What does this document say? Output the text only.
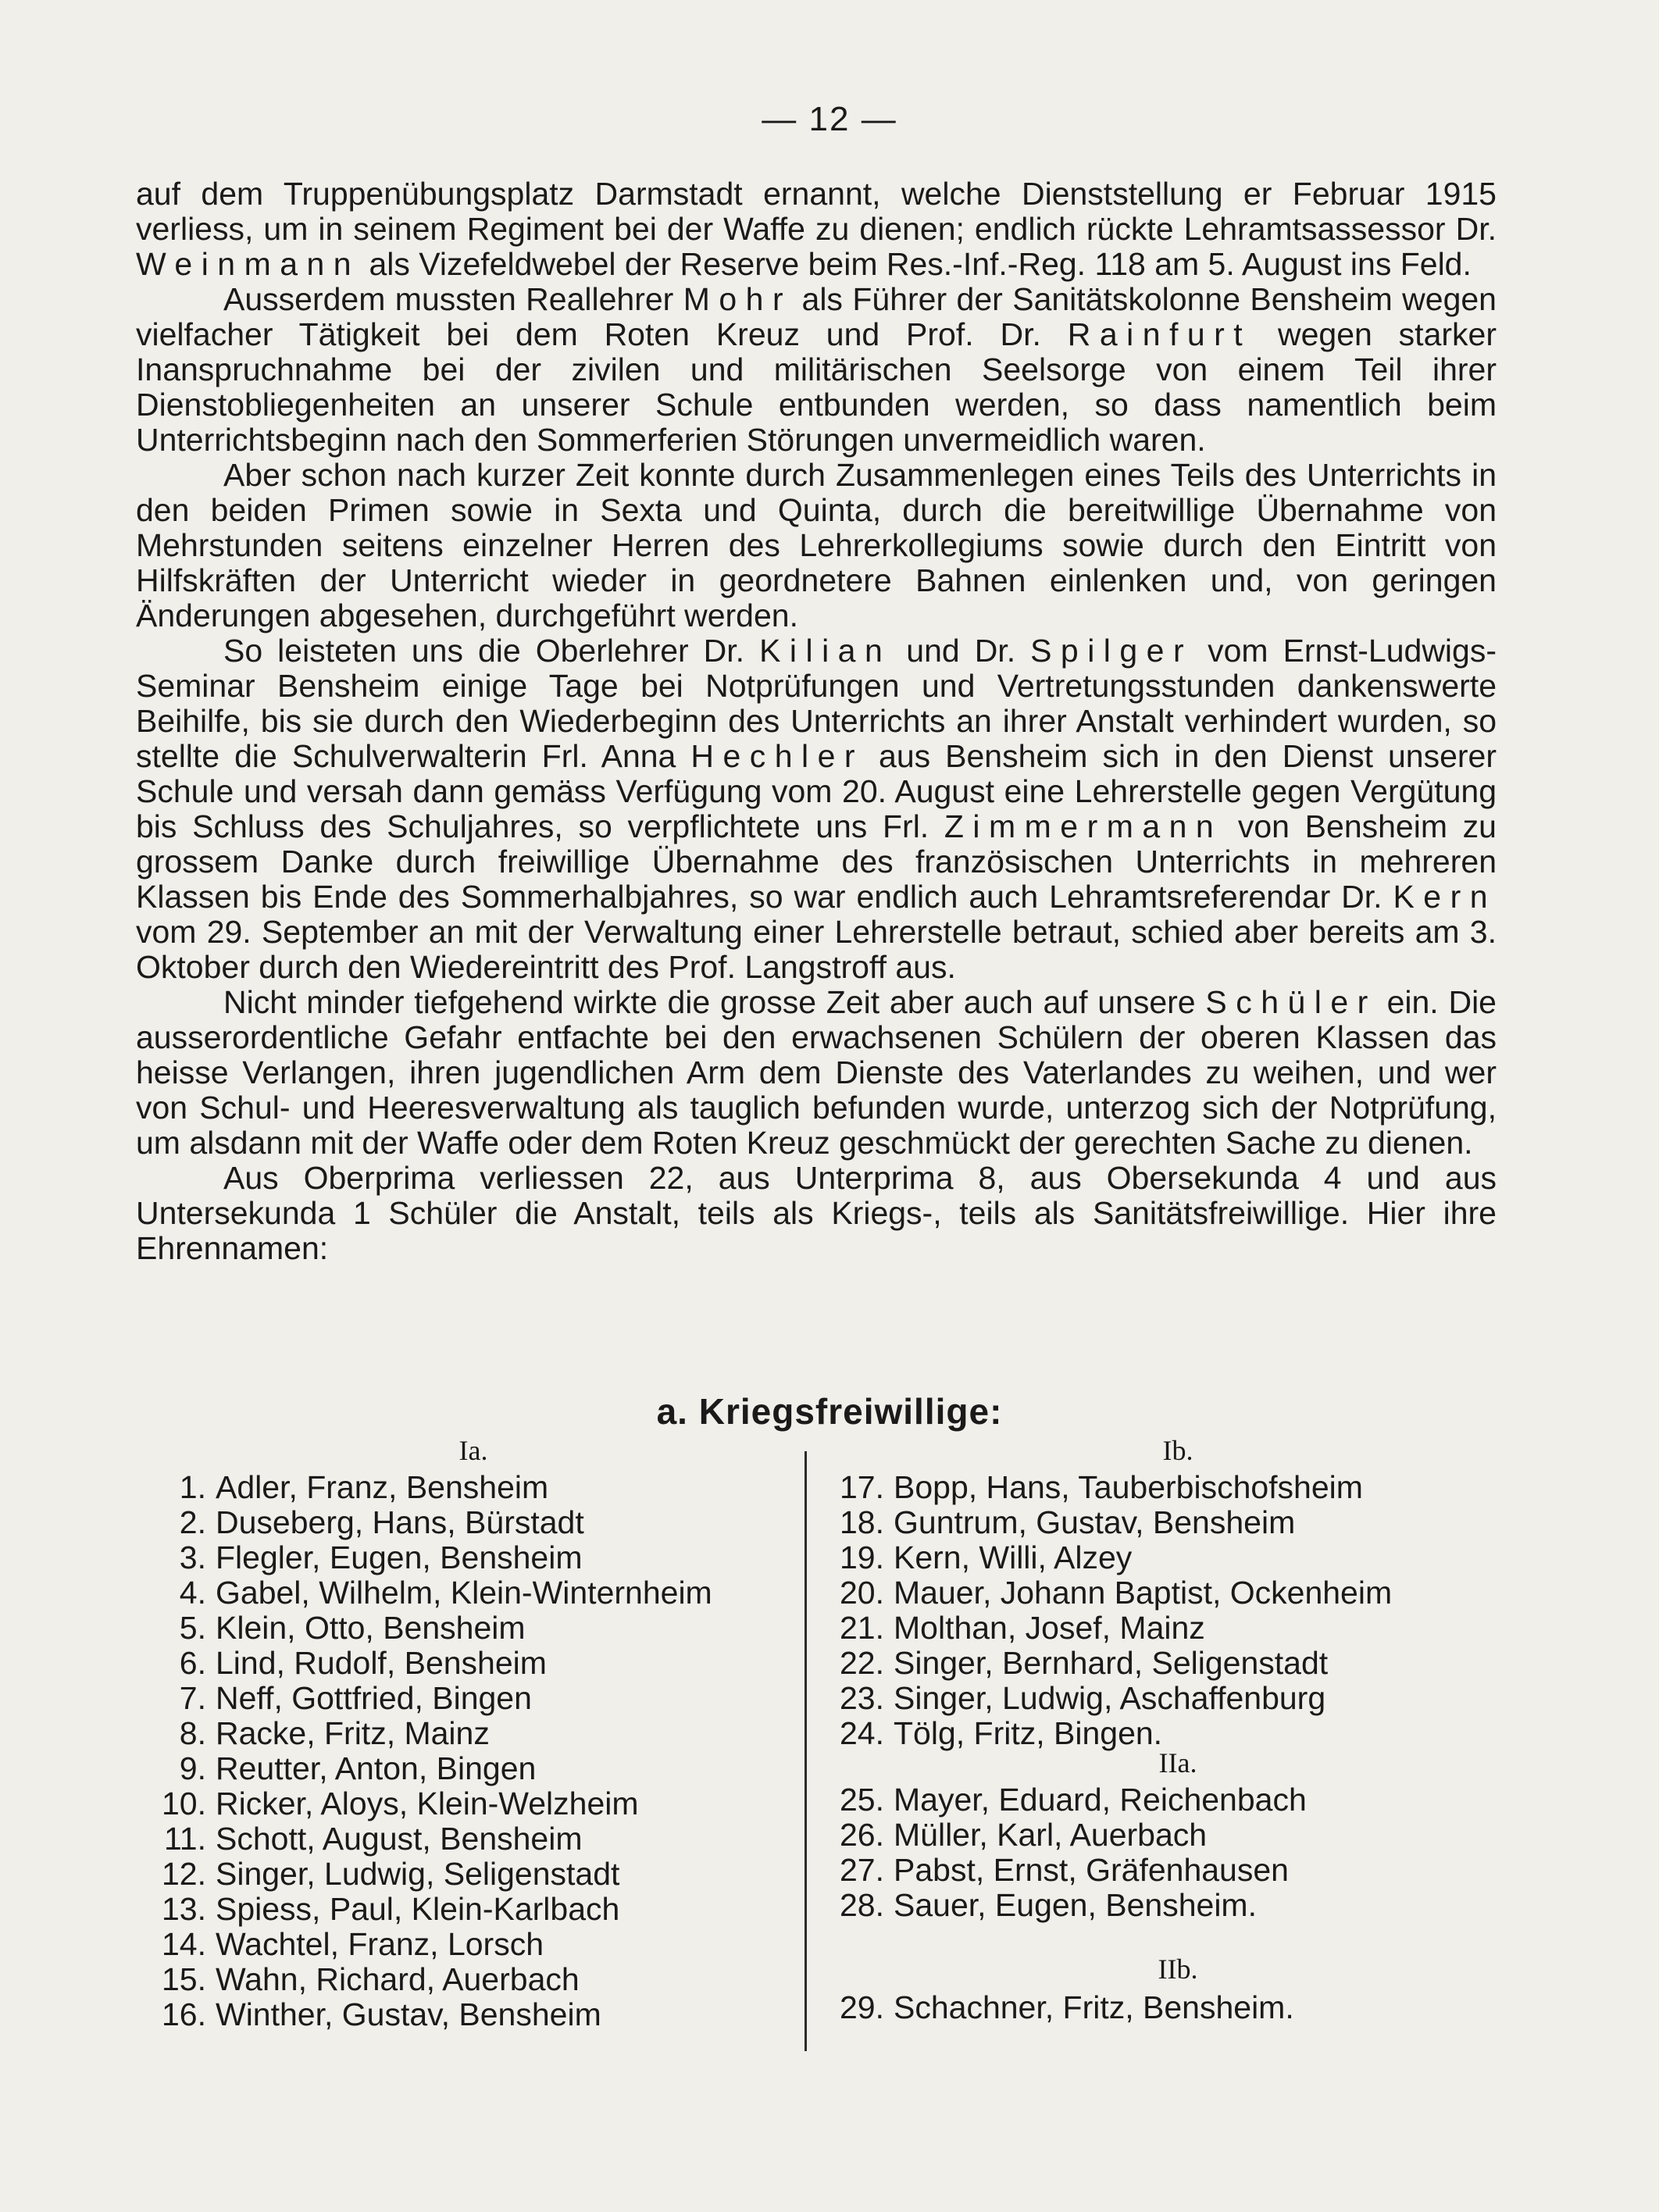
— 12 —

auf dem Truppenübungsplatz Darmstadt ernannt, welche Dienststellung er Februar 1915 verliess, um in seinem Regiment bei der Waffe zu dienen; endlich rückte Lehramtsassessor Dr. Weinmann als Vizefeldwebel der Reserve beim Res.-Inf.-Reg. 118 am 5. August ins Feld.

Ausserdem mussten Reallehrer Mohr als Führer der Sanitätskolonne Bensheim wegen vielfacher Tätigkeit bei dem Roten Kreuz und Prof. Dr. Rainfurt wegen starker Inanspruchnahme bei der zivilen und militärischen Seelsorge von einem Teil ihrer Dienstobliegenheiten an unserer Schule entbunden werden, so dass namentlich beim Unterrichtsbeginn nach den Sommerferien Störungen unvermeidlich waren.

Aber schon nach kurzer Zeit konnte durch Zusammenlegen eines Teils des Unterrichts in den beiden Primen sowie in Sexta und Quinta, durch die bereitwillige Übernahme von Mehrstunden seitens einzelner Herren des Lehrerkollegiums sowie durch den Eintritt von Hilfskräften der Unterricht wieder in geordnetere Bahnen einlenken und, von geringen Änderungen abgesehen, durchgeführt werden.

So leisteten uns die Oberlehrer Dr. Kilian und Dr. Spilger vom Ernst-Ludwigs-Seminar Bensheim einige Tage bei Notprüfungen und Vertretungsstunden dankenswerte Beihilfe, bis sie durch den Wiederbeginn des Unterrichts an ihrer Anstalt verhindert wurden, so stellte die Schulverwalterin Frl. Anna Hechler aus Bensheim sich in den Dienst unserer Schule und versah dann gemäss Verfügung vom 20. August eine Lehrerstelle gegen Vergütung bis Schluss des Schuljahres, so verpflichtete uns Frl. Zimmermann von Bensheim zu grossem Danke durch freiwillige Übernahme des französischen Unterrichts in mehreren Klassen bis Ende des Sommerhalbjahres, so war endlich auch Lehramtsreferendar Dr. Kern vom 29. September an mit der Verwaltung einer Lehrerstelle betraut, schied aber bereits am 3. Oktober durch den Wiedereintritt des Prof. Langstroff aus.

Nicht minder tiefgehend wirkte die grosse Zeit aber auch auf unsere Schüler ein. Die ausserordentliche Gefahr entfachte bei den erwachsenen Schülern der oberen Klassen das heisse Verlangen, ihren jugendlichen Arm dem Dienste des Vaterlandes zu weihen, und wer von Schul- und Heeresverwaltung als tauglich befunden wurde, unterzog sich der Notprüfung, um alsdann mit der Waffe oder dem Roten Kreuz geschmückt der gerechten Sache zu dienen.

Aus Oberprima verliessen 22, aus Unterprima 8, aus Obersekunda 4 und aus Untersekunda 1 Schüler die Anstalt, teils als Kriegs-, teils als Sanitätsfreiwillige. Hier ihre Ehrennamen:

a. Kriegsfreiwillige:
Ia.
1. Adler, Franz, Bensheim
2. Duseberg, Hans, Bürstadt
3. Flegler, Eugen, Bensheim
4. Gabel, Wilhelm, Klein-Winternheim
5. Klein, Otto, Bensheim
6. Lind, Rudolf, Bensheim
7. Neff, Gottfried, Bingen
8. Racke, Fritz, Mainz
9. Reutter, Anton, Bingen
10. Ricker, Aloys, Klein-Welzheim
11. Schott, August, Bensheim
12. Singer, Ludwig, Seligenstadt
13. Spiess, Paul, Klein-Karlbach
14. Wachtel, Franz, Lorsch
15. Wahn, Richard, Auerbach
16. Winther, Gustav, Bensheim
Ib.
17. Bopp, Hans, Tauberbischofsheim
18. Guntrum, Gustav, Bensheim
19. Kern, Willi, Alzey
20. Mauer, Johann Baptist, Ockenheim
21. Molthan, Josef, Mainz
22. Singer, Bernhard, Seligenstadt
23. Singer, Ludwig, Aschaffenburg
24. Tölg, Fritz, Bingen.
IIa.
25. Mayer, Eduard, Reichenbach
26. Müller, Karl, Auerbach
27. Pabst, Ernst, Gräfenhausen
28. Sauer, Eugen, Bensheim.
IIb.
29. Schachner, Fritz, Bensheim.
